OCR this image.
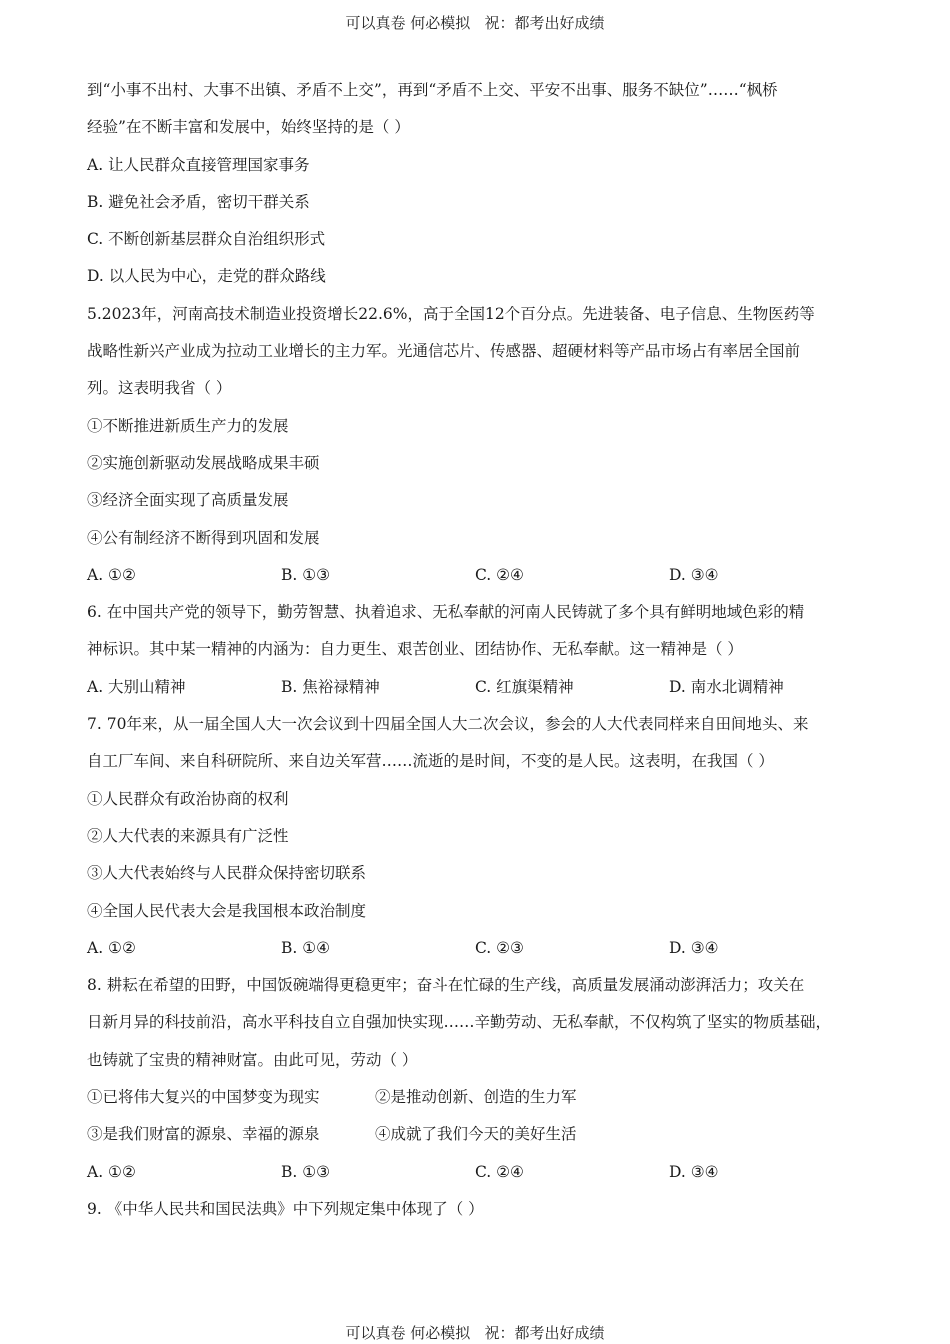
可以真卷 何必模拟   祝：都考出好成绩
到“小事不出村、大事不出镇、矛盾不上交”，再到“矛盾不上交、平安不出事、服务不缺位”……“枫桥
经验”在不断丰富和发展中，始终坚持的是（ ）
A. 让人民群众直接管理国家事务
B. 避免社会矛盾，密切干群关系
C. 不断创新基层群众自治组织形式
D. 以人民为中心，走党的群众路线
5.2023年，河南高技术制造业投资增长22.6%，高于全国12个百分点。先进装备、电子信息、生物医药等
战略性新兴产业成为拉动工业增长的主力军。光通信芯片、传感器、超硬材料等产品市场占有率居全国前
列。这表明我省（ ）
①不断推进新质生产力的发展
②实施创新驱动发展战略成果丰硕
③经济全面实现了高质量发展
④公有制经济不断得到巩固和发展
A. ①②	B. ①③	C. ②④	D. ③④
6. 在中国共产党的领导下，勤劳智慧、执着追求、无私奉献的河南人民铸就了多个具有鲜明地域色彩的精
神标识。其中某一精神的内涵为：自力更生、艰苦创业、团结协作、无私奉献。这一精神是（ ）
A. 大别山精神	B. 焦裕禄精神	C. 红旗渠精神	D. 南水北调精神
7. 70年来，从一届全国人大一次会议到十四届全国人大二次会议，参会的人大代表同样来自田间地头、来
自工厂车间、来自科研院所、来自边关军营……流逝的是时间，不变的是人民。这表明，在我国（ ）
①人民群众有政治协商的权利
②人大代表的来源具有广泛性
③人大代表始终与人民群众保持密切联系
④全国人民代表大会是我国根本政治制度
A. ①②	B. ①④	C. ②③	D. ③④
8. 耕耘在希望的田野，中国饭碗端得更稳更牢；奋斗在忙碌的生产线，高质量发展涌动澎湃活力；攻关在
日新月异的科技前沿，高水平科技自立自强加快实现……辛勤劳动、无私奉献，不仅构筑了坚实的物质基础，
也铸就了宝贵的精神财富。由此可见，劳动（ ）
①已将伟大复兴的中国梦变为现实	②是推动创新、创造的生力军
③是我们财富的源泉、幸福的源泉	④成就了我们今天的美好生活
A. ①②	B. ①③	C. ②④	D. ③④
9. 《中华人民共和国民法典》中下列规定集中体现了（ ）
可以真卷 何必模拟   祝：都考出好成绩
